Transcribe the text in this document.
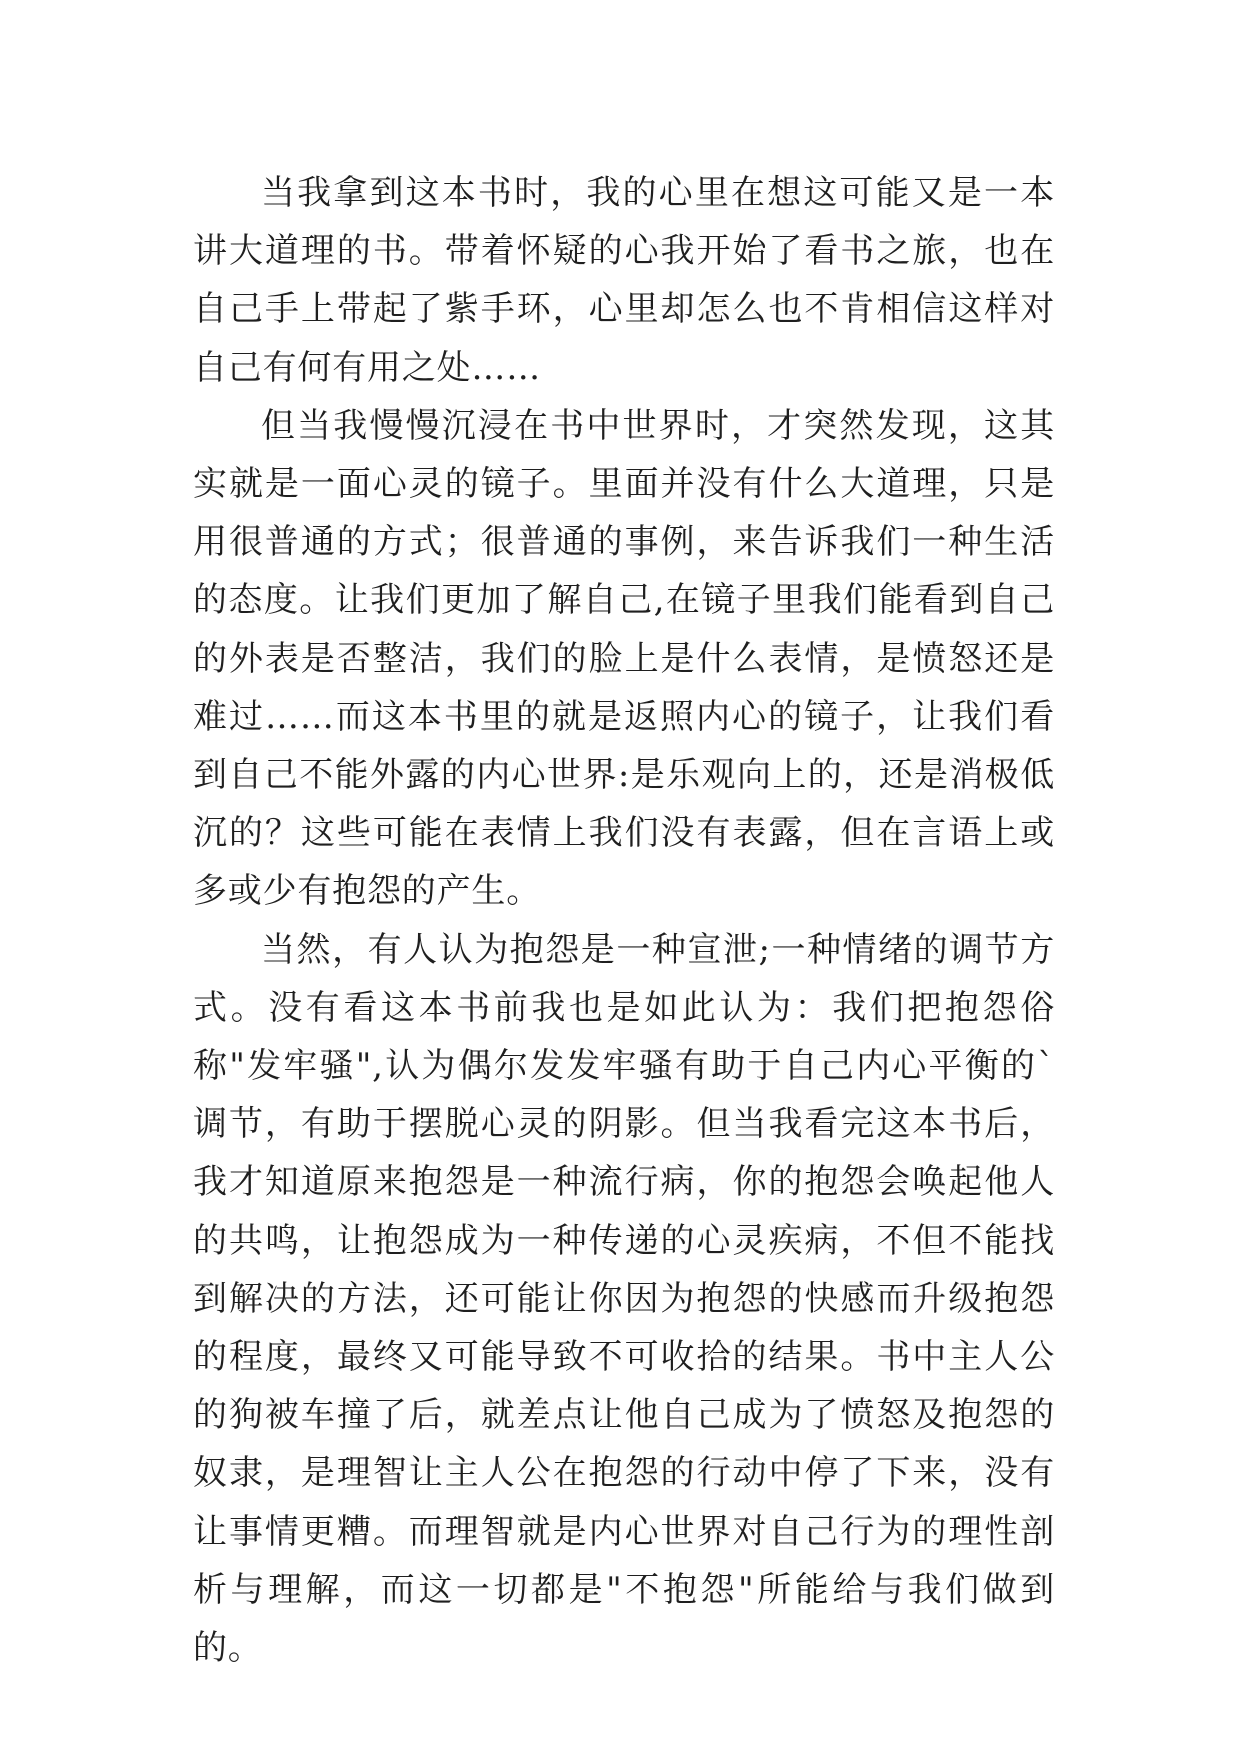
当我拿到这本书时，我的心里在想这可能又是一本讲大道理的书。带着怀疑的心我开始了看书之旅，也在自己手上带起了紫手环，心里却怎么也不肯相信这样对自己有何有用之处……

但当我慢慢沉浸在书中世界时，才突然发现，这其实就是一面心灵的镜子。里面并没有什么大道理，只是用很普通的方式；很普通的事例，来告诉我们一种生活的态度。让我们更加了解自己,在镜子里我们能看到自己的外表是否整洁，我们的脸上是什么表情，是愤怒还是难过……而这本书里的就是返照内心的镜子，让我们看到自己不能外露的内心世界:是乐观向上的，还是消极低沉的？这些可能在表情上我们没有表露，但在言语上或多或少有抱怨的产生。

当然，有人认为抱怨是一种宣泄;一种情绪的调节方式。没有看这本书前我也是如此认为：我们把抱怨俗称"发牢骚",认为偶尔发发牢骚有助于自己内心平衡的`调节，有助于摆脱心灵的阴影。但当我看完这本书后，我才知道原来抱怨是一种流行病，你的抱怨会唤起他人的共鸣，让抱怨成为一种传递的心灵疾病，不但不能找到解决的方法，还可能让你因为抱怨的快感而升级抱怨的程度，最终又可能导致不可收拾的结果。书中主人公的狗被车撞了后，就差点让他自己成为了愤怒及抱怨的奴隶，是理智让主人公在抱怨的行动中停了下来，没有让事情更糟。而理智就是内心世界对自己行为的理性剖析与理解，而这一切都是"不抱怨"所能给与我们做到的。
